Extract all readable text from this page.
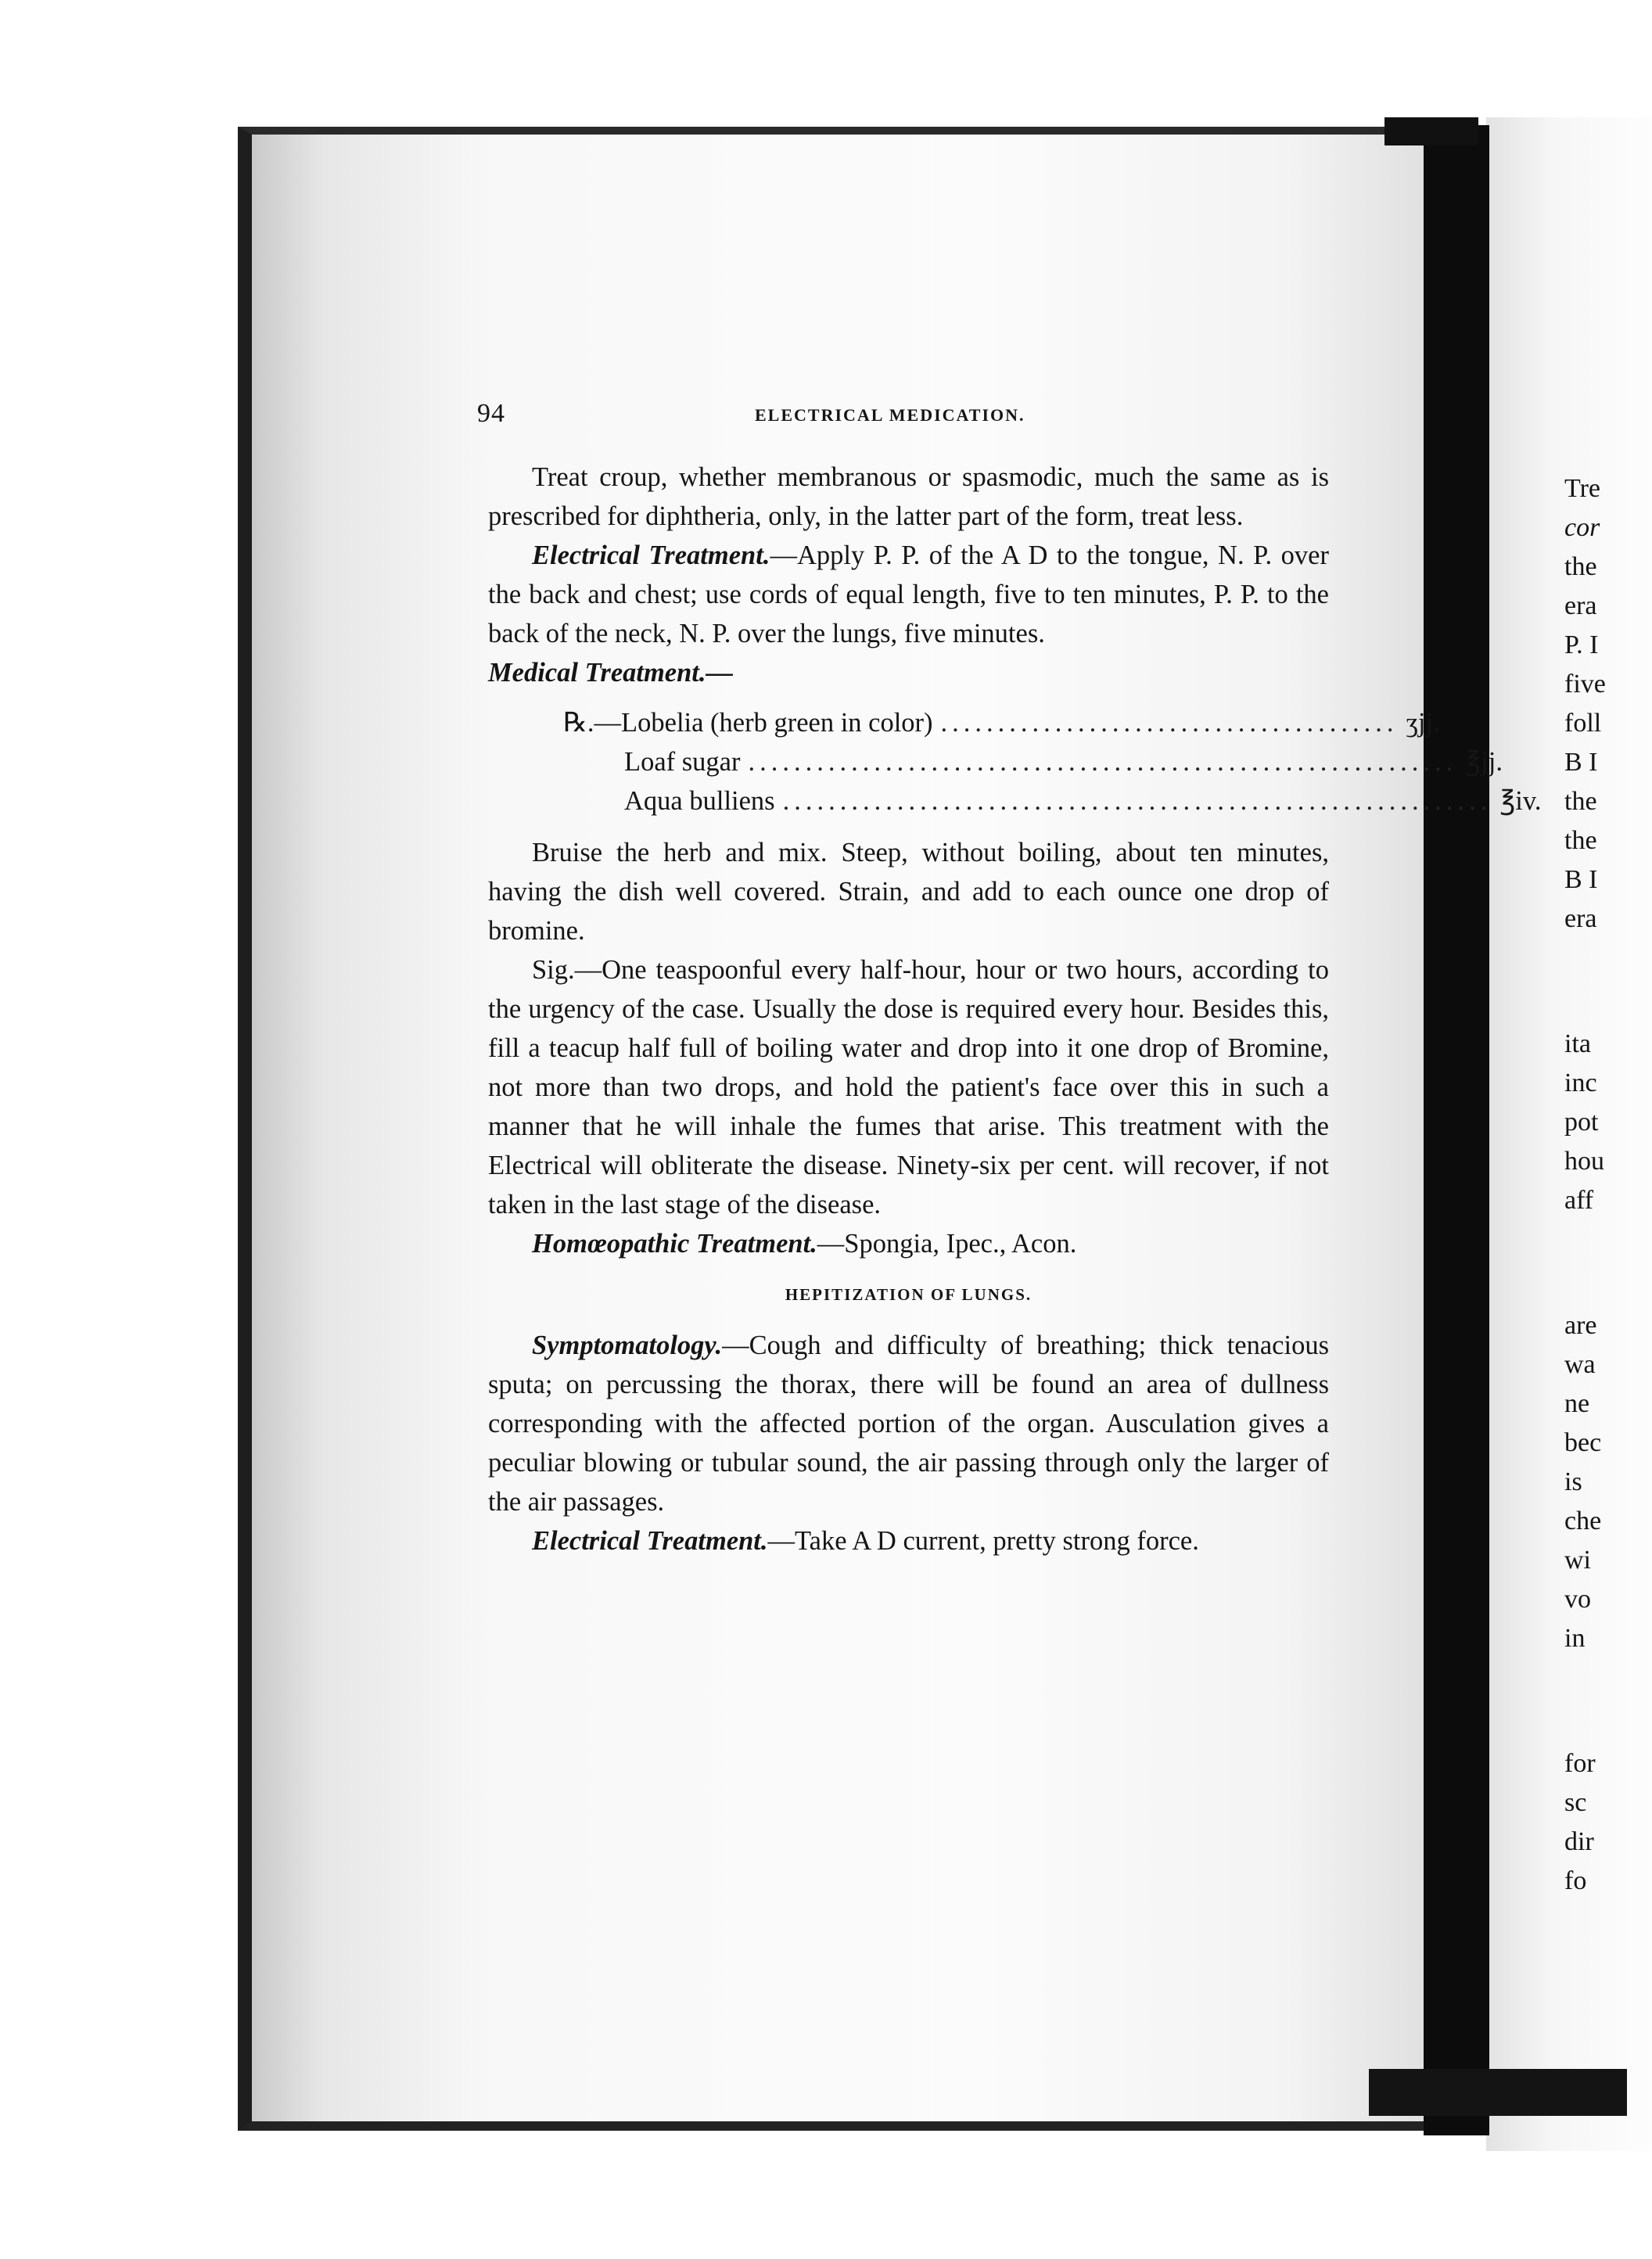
94	ELECTRICAL MEDICATION.

Treat croup, whether membranous or spasmodic, much the same as is prescribed for diphtheria, only, in the latter part of the form, treat less.

Electrical Treatment.—Apply P. P. of the A D to the tongue, N. P. over the back and chest; use cords of equal length, five to ten minutes, P. P. to the back of the neck, N. P. over the lungs, five minutes.

Medical Treatment.—

℞.—Lobelia (herb green in color) ........................................ ʒjj.
Loaf sugar .............................................................. ℥jj.
Aqua bulliens .............................................................. ℥iv.

Bruise the herb and mix. Steep, without boiling, about ten minutes, having the dish well covered. Strain, and add to each ounce one drop of bromine.

Sig.—One teaspoonful every half-hour, hour or two hours, according to the urgency of the case. Usually the dose is required every hour. Besides this, fill a teacup half full of boiling water and drop into it one drop of Bromine, not more than two drops, and hold the patient's face over this in such a manner that he will inhale the fumes that arise. This treatment with the Electrical will obliterate the disease. Ninety-six per cent. will recover, if not taken in the last stage of the disease.

Homœopathic Treatment.—Spongia, Ipec., Acon.

HEPITIZATION OF LUNGS.

Symptomatology.—Cough and difficulty of breathing; thick tenacious sputa; on percussing the thorax, there will be found an area of dullness corresponding with the affected portion of the organ. Ausculation gives a peculiar blowing or tubular sound, the air passing through only the larger of the air passages.

Electrical Treatment.—Take A D current, pretty strong force.

Tre
cor
the
era
P. I
five
foll
B I
the
the
B I
era
ita
inc
pot
hou
aff
are
wa
ne
bec
is
che
wi
vo
in
for
sc
dir
fo
